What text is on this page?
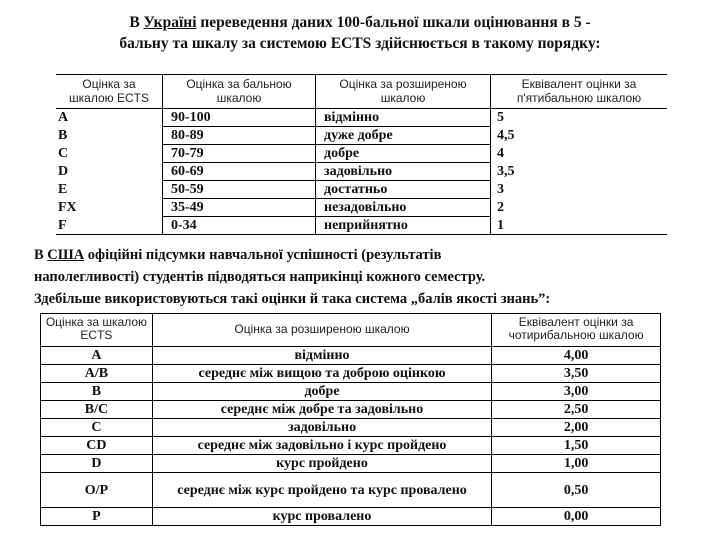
В Україні переведення даних 100-бальної шкали оцінювання в 5 -
бальну та шкалу за системою ECTS здійснюється в такому порядку:
Оцінка за шкалою ECTS	Оцінка за бальною шкалою	Оцінка за розширеною шкалою	Еквівалент оцінки за п'ятибальною шкалою
A	90-100	відмінно	5
B	80-89	дуже добре	4,5
C	70-79	добре	4
D	60-69	задовільно	3,5
E	50-59	достатньо	3
FX	35-49	незадовільно	2
F	0-34	неприйнятно	1
В США офіційні підсумки навчальної успішності (результатів
наполегливості) студентів підводяться наприкінці кожного семестру.
Здебільше використовуються такі оцінки й така система „балів якості знань”:
Оцінка за шкалою ECTS	Оцінка за розширеною шкалою	Еквівалент оцінки за чотирибальною шкалою
A	відмінно	4,00
A/B	середнє між вищою та доброю оцінкою	3,50
B	добре	3,00
B/C	середнє між добре та задовільно	2,50
C	задовільно	2,00
CD	середнє між задовільно і курс пройдено	1,50
D	курс пройдено	1,00
O/P	середнє між курс пройдено та курс провалено	0,50
P	курс провалено	0,00
